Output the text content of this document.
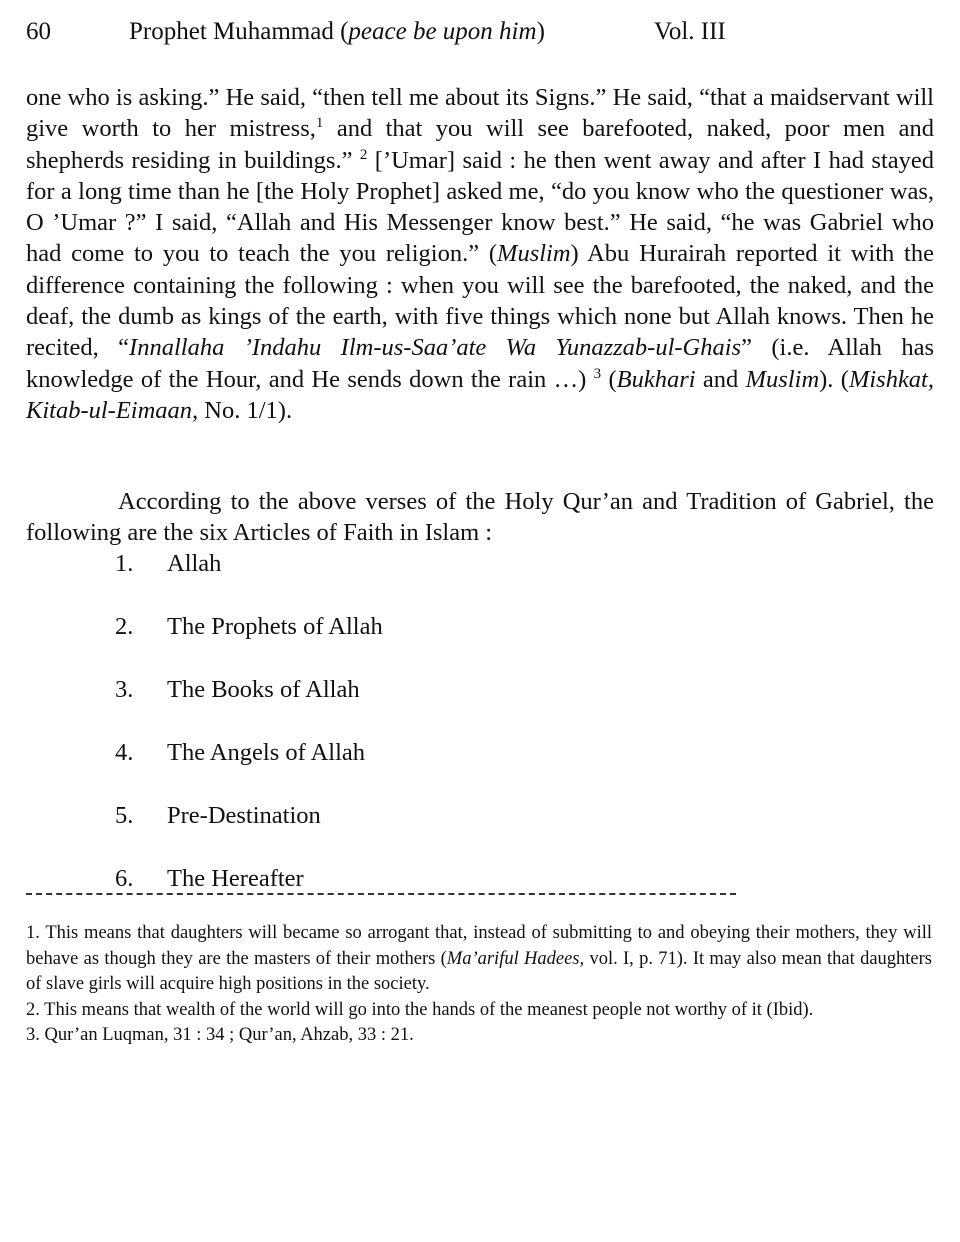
60	Prophet Muhammad (peace be upon him)	Vol. III

one who is asking.” He said, “then tell me about its Signs.” He said, “that a maidservant will give worth to her mistress,$^1$ and that you will see barefooted, naked, poor men and shepherds residing in buildings.” $^2$ [’Umar] said : he then went away and after I had stayed for a long time than he [the Holy Prophet] asked me, “do you know who the questioner was, O ’Umar ?” I said, “Allah and His Messenger know best.” He said, “he was Gabriel who had come to you to teach the you religion.” (Muslim) Abu Hurairah reported it with the difference containing the following : when you will see the barefooted, the naked, and the deaf, the dumb as kings of the earth, with five things which none but Allah knows. Then he recited, “Innallaha ’Indahu Ilm-us-Saa’ate Wa Yunazzab-ul-Ghais” (i.e. Allah has knowledge of the Hour, and He sends down the rain …) $^3$ (Bukhari and Muslim). (Mishkat, Kitab-ul-Eimaan, No. 1/1).

According to the above verses of the Holy Qur’an and Tradition of Gabriel, the following are the six Articles of Faith in Islam :
1.	Allah
2.	The Prophets of Allah
3.	The Books of Allah
4.	The Angels of Allah
5.	Pre-Destination
6.	The Hereafter

1. This means that daughters will became so arrogant that, instead of submitting to and obeying their mothers, they will behave as though they are the masters of their mothers (Ma’ariful Hadees, vol. I, p. 71). It may also mean that daughters of slave girls will acquire high positions in the society.

2. This means that wealth of the world will go into the hands of the meanest people not worthy of it (Ibid).

3. Qur’an Luqman, 31 : 34 ; Qur’an, Ahzab, 33 : 21.
